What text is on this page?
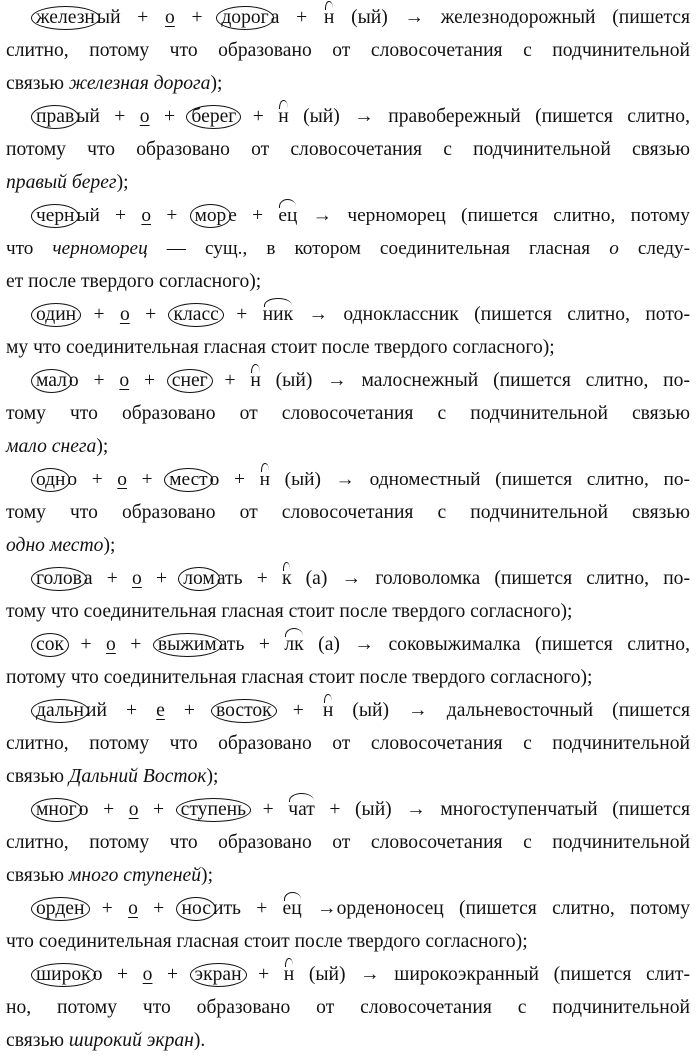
железн ый + о + дорог а + н (ый) → железнодорожный (пишется
слитно, потому что образовано от словосочетания с подчинительной
связью железная дорога);
прав ый + о + берег + н (ый) → правобережный (пишется слитно,
потому что образовано от словосочетания с подчинительной связью
правый берег);
черн ый + о + мор е + ец → черноморец (пишется слитно, потому
что черноморец — сущ., в котором соединительная гласная о следу-
ет после твердого согласного);
один + о + класс + ник → одноклассник (пишется слитно, пото-
му что соединительная гласная стоит после твердого согласного);
мал о + о + снег + н (ый) → малоснежный (пишется слитно, по-
тому что образовано от словосочетания с подчинительной связью
мало снега);
одн о + о + мест о + н (ый) → одноместный (пишется слитно, по-
тому что образовано от словосочетания с подчинительной связью
одно место);
голов а + о + лом ать + к (а) → головоломка (пишется слитно, по-
тому что соединительная гласная стоит после твердого согласного);
сок + о + выжим ать + лк (а) → соковыжималка (пишется слитно,
потому что соединительная гласная стоит после твердого согласного);
дальн ий + е + восток + н (ый) → дальневосточный (пишется
слитно, потому что образовано от словосочетания с подчинительной
связью Дальний Восток);
мног о + о + ступень + чат + (ый) → многоступенчатый (пишется
слитно, потому что образовано от словосочетания с подчинительной
связью много ступеней);
орден + о + нос ить + ец →орденоносец (пишется слитно, потому
что соединительная гласная стоит после твердого согласного);
широк о + о + экран + н (ый) → широкоэкранный (пишется слит-
но, потому что образовано от словосочетания с подчинительной
связью широкий экран).
